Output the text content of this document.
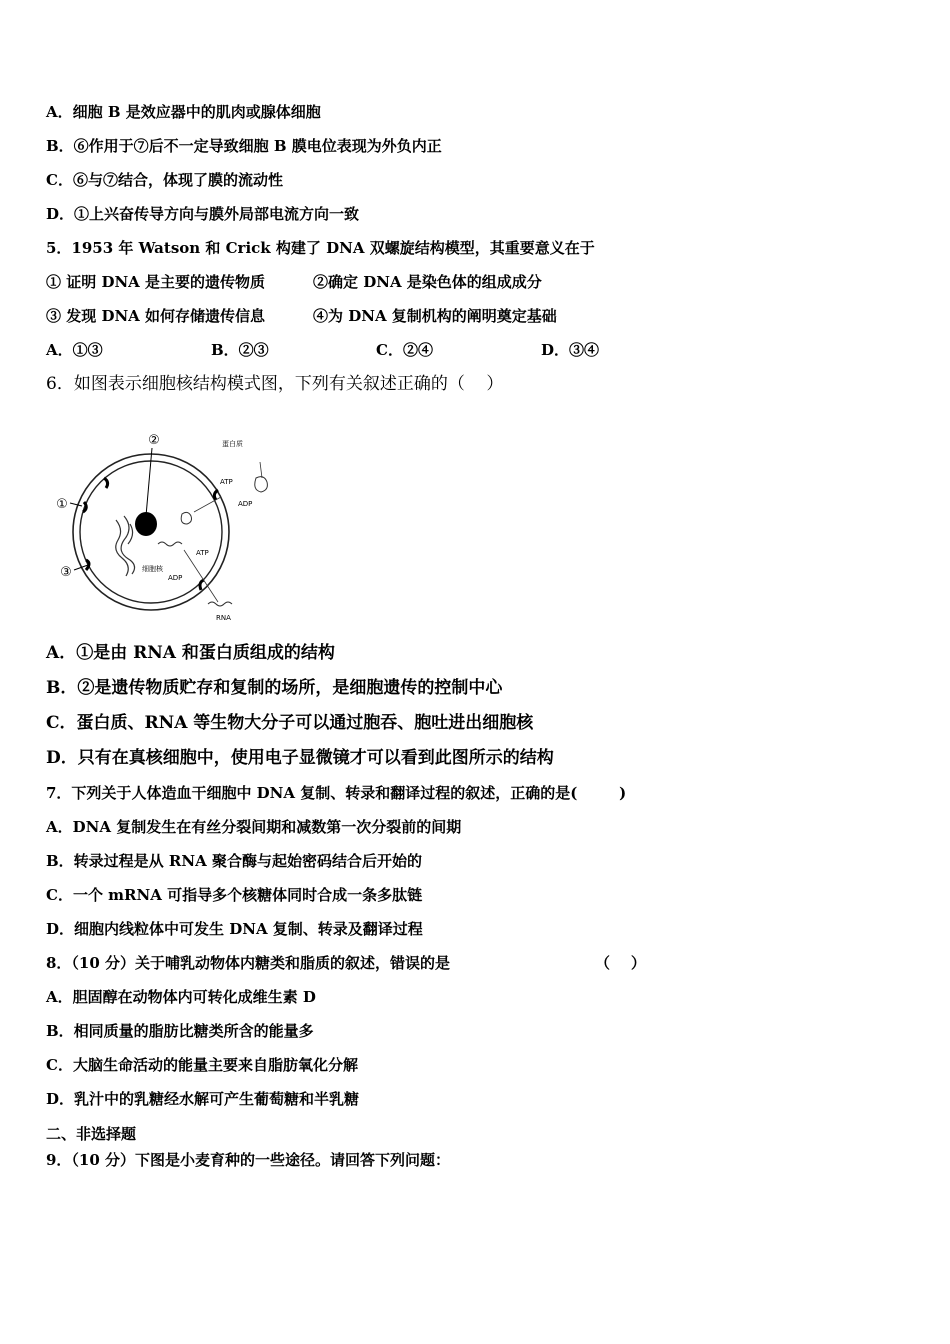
A．细胞 B 是效应器中的肌肉或腺体细胞
B．⑥作用于⑦后不一定导致细胞 B 膜电位表现为外负内正
C．⑥与⑦结合，体现了膜的流动性
D．①上兴奋传导方向与膜外局部电流方向一致
5．1953 年 Watson 和 Crick 构建了 DNA 双螺旋结构模型，其重要意义在于
① 证明 DNA 是主要的遗传物质	②确定 DNA 是染色体的组成成分
③ 发现 DNA 如何存储遗传信息	④为 DNA 复制机构的阐明奠定基础
A．①③	B．②③	C．②④	D．③④
6．如图表示细胞核结构模式图，下列有关叙述正确的（    ）
②
①
③
蛋白质
ATP
ADP
ATP
ADP
细胞核
RNA
A．①是由 RNA 和蛋白质组成的结构
B．②是遗传物质贮存和复制的场所，是细胞遗传的控制中心
C．蛋白质、RNA 等生物大分子可以通过胞吞、胞吐进出细胞核
D．只有在真核细胞中，使用电子显微镜才可以看到此图所示的结构
7．下列关于人体造血干细胞中 DNA 复制、转录和翻译过程的叙述，正确的是(        )
A．DNA 复制发生在有丝分裂间期和减数第一次分裂前的间期
B．转录过程是从 RNA 聚合酶与起始密码结合后开始的
C．一个 mRNA 可指导多个核糖体同时合成一条多肽链
D．细胞内线粒体中可发生 DNA 复制、转录及翻译过程
8．（10 分）关于哺乳动物体内糖类和脂质的叙述，错误的是	（    ）
A．胆固醇在动物体内可转化成维生素 D
B．相同质量的脂肪比糖类所含的能量多
C．大脑生命活动的能量主要来自脂肪氧化分解
D．乳汁中的乳糖经水解可产生葡萄糖和半乳糖
二、非选择题
9．（10 分）下图是小麦育种的一些途径。请回答下列问题：
